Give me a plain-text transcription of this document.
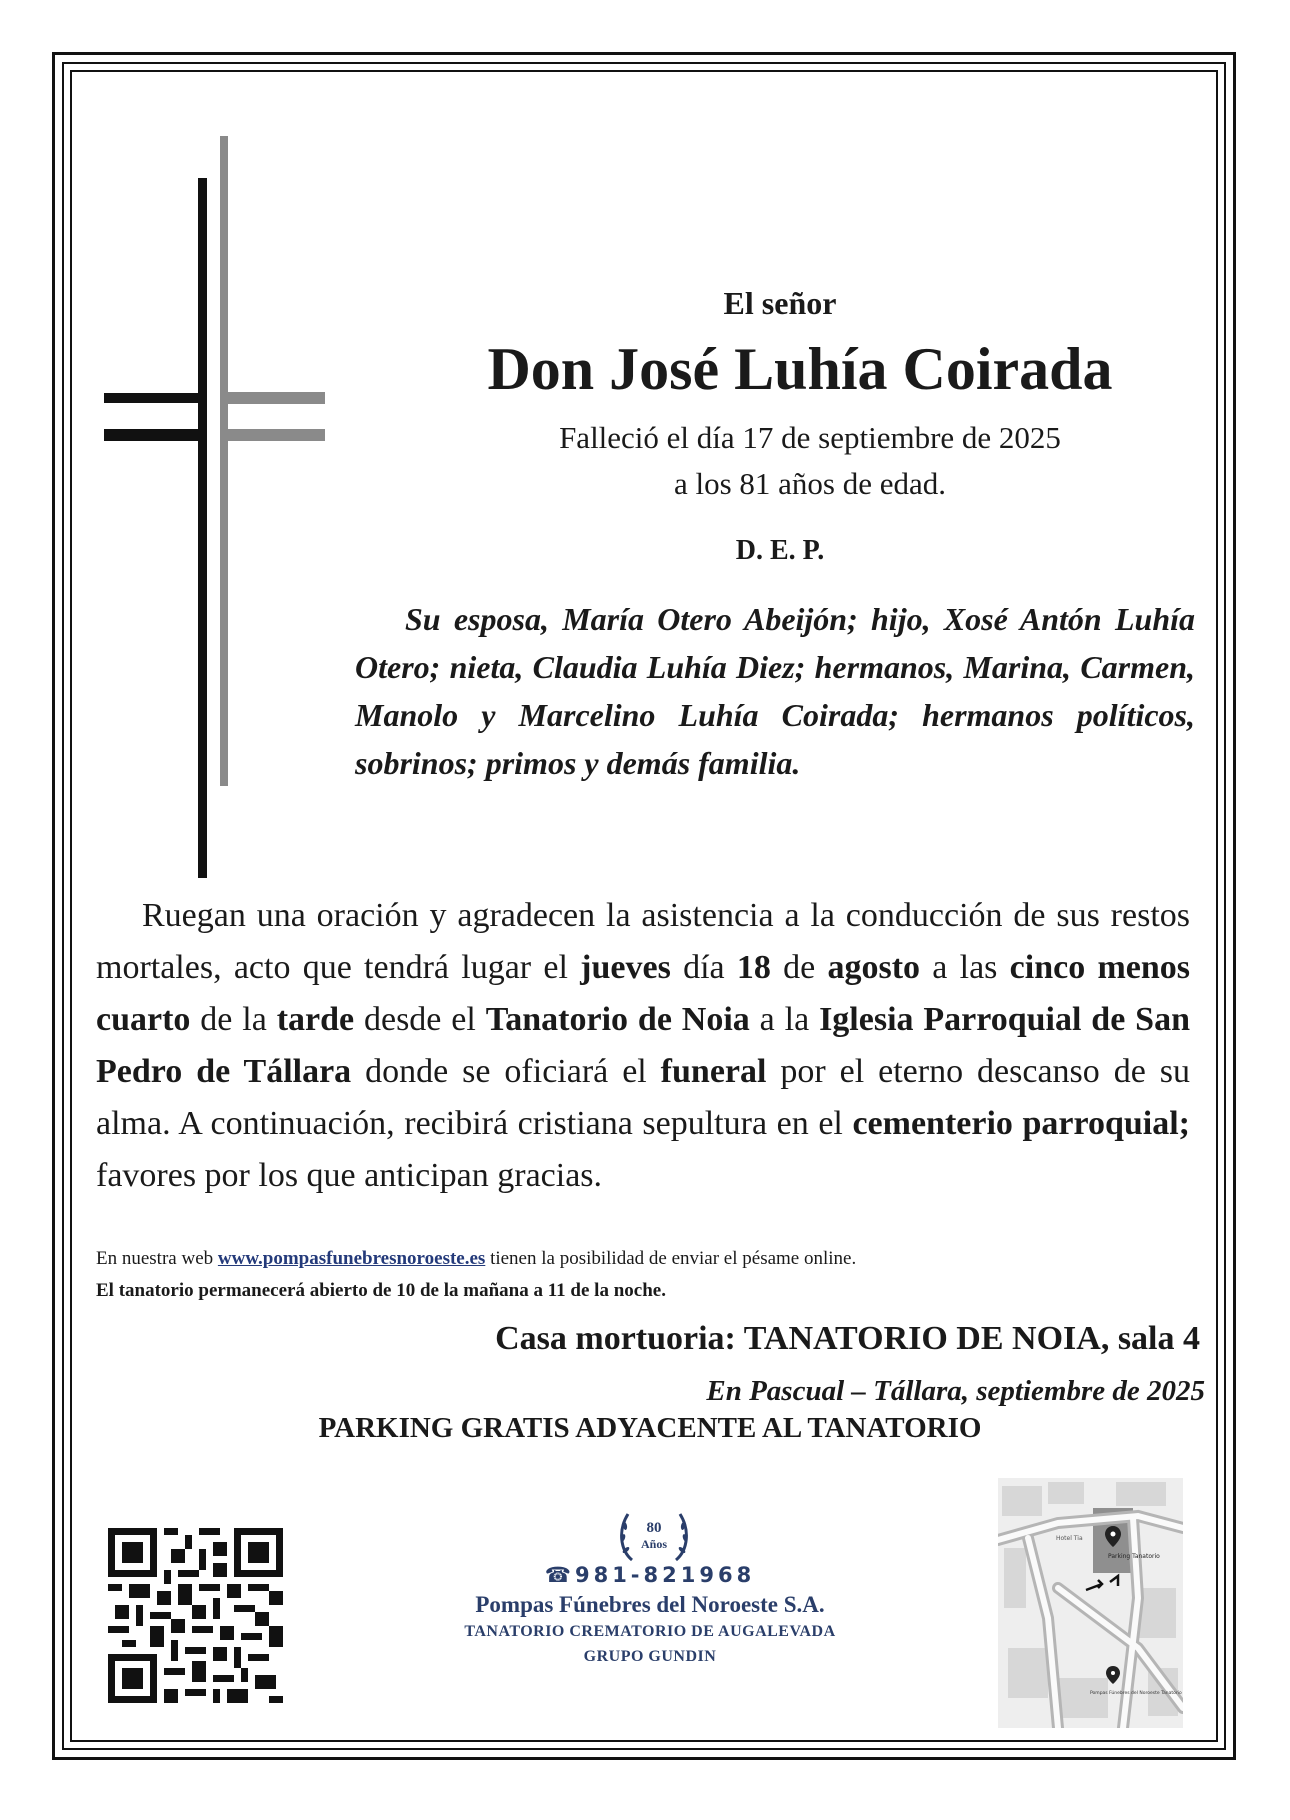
El señor
Don José Luhía Coirada
Falleció el día 17 de septiembre de 2025
a los 81 años de edad.
D. E. P.
Su esposa, María Otero Abeijón; hijo, Xosé Antón Luhía Otero; nieta, Claudia Luhía Diez; hermanos, Marina, Carmen, Manolo y Marcelino Luhía Coirada; hermanos políticos, sobrinos; primos y demás familia.
Ruegan una oración y agradecen la asistencia a la conducción de sus restos mortales, acto que tendrá lugar el jueves día 18 de agosto a las cinco menos cuarto de la tarde desde el Tanatorio de Noia a la Iglesia Parroquial de San Pedro de Tállara donde se oficiará el funeral por el eterno descanso de su alma. A continuación, recibirá cristiana sepultura en el cementerio parroquial; favores por los que anticipan gracias.
En nuestra web www.pompasfunebresnoroeste.es tienen la posibilidad de enviar el pésame online.
El tanatorio permanecerá abierto de 10 de la mañana a 11 de la noche.
Casa mortuoria: TANATORIO DE NOIA, sala 4
En Pascual – Tállara, septiembre de 2025
PARKING GRATIS ADYACENTE AL TANATORIO
80
Años
☎981-821968
Pompas Fúnebres del Noroeste S.A.
TANATORIO CREMATORIO DE AUGALEVADA
GRUPO GUNDIN
Hotel Tia
Parking Tanatorio
Pompas Fúnebres del Noroeste Tanatorio
